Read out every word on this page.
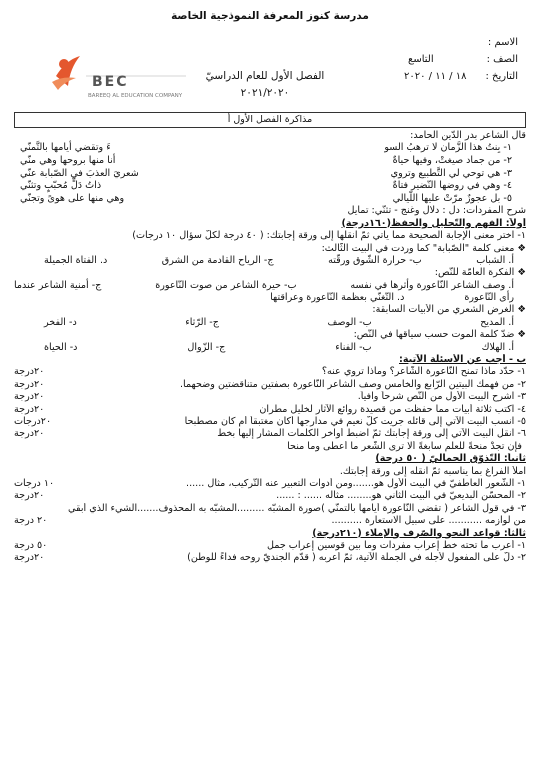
مدرسة كنوز المعرفة النموذجية الخاصة
الاسم :
الصف :
التاسع
التاريخ :
١٨ / ١١ / ٢٠٢٠
الفصل الأول للعام الدراسيّ
٢٠٢١/٢٠٢٠
BEC
BAREEQ AL EDUCATION COMPANY
مذاكرة الفصل الأول أ
قال الشاعر بدر الدّين الحامد:
١- بِنتُ هذا الزَّمان لا ترهبُ السو
ءَ وتقضي أيامها بالتَّمنّي
٢- من جماد صيغتْ، وفيها حياةٌ
أنا منها بروحها وهي منّي
٣- هي توحي لي التَّطبيع وتروي
شعريَ العذبَ في الصّبابة عنّي
٤- وهي في روضها النّضير فتاةٌ
ذاتُ دَلٍّ مُحبّبٍ وتثنّي
٥- بل عجوزٌ مرّتْ عليها اللّيالي
وهي منها على هوىً وتجنّي
شرح المفردات: دل : دلال وغنج - تثنّي: تمايل
أولاً: الفهم والتّحليل والحفظ(١٦٠درجة)
١- اختر معنى الإجابة الصحيحة مما يأتي ثمّ انقلها إلى ورقة إجابتك: ( ٤٠ درجة لكلّ سؤال ١٠ درجات)
❖ معنى كلمة "الصّبابة" كما وردت في البيت الثّالث:
أ. الشباب
ب- حرارة الشّوق ورقّته
ج- الرياح القادمة من الشرق
د. الفتاة الجميلة
❖ الفكرة العامّة للنّص:
أ. وصف الشاعر النّاعورة وأثرها في نفسه
ب- حيرة الشاعر من صوت النّاعورة
ج- أمنية الشاعر عندما
رأى النّاعورة
د. التّغنّي بعظمة النّاعورة وعراقتها
❖ الغرض الشعري من الأبيات السابقة:
أ. المديح
ب- الوصف
ج- الرّثاء
د- الفخر
❖ ضدّ كلمة الموت حسب سياقها في النّص:
أ. الهلاك
ب- الفناء
ج- الزّوال
د- الحياة
ب - أجب عن الأسئلة الآتية:
١- حدّد ماذا تمنح النّاعورة الشّاعر؟ وماذا تروي عنه؟
٢٠درجة
٢- من فهمك البيتين الرّابع والخامس وصف الشاعر النّاعورة بصفتين متناقضتين وضحهما.
٢٠درجة
٣- اشرح البيت الأول من النّص شرحاً وافياً.
٢٠درجة
٤- اكتب ثلاثة أبيات مما حفظت من قصيدة روائع الآثار لخليل مطران
٢٠درجة
٥- انسب البيت الآتي إلى قائله جريت كلّ نعيم في مدارجها أكان مغتبقاً أم كان مصطبحا
٢٠درجات
٦- انقل البيت الآتي إلى ورقة إجابتك ثمّ اضبط أواخر الكلمات المشار إليها بخطّ
٢٠درجة
فإن تجدْ منحةً للعلم سابغةً ألا ترى الشّعر ما أعطى وما منحا
ثانياً: التّذوّق الجماليّ ( ٥٠ درجة)
املأ الفراغ بما يناسبه ثمّ انقله إلى ورقة إجابتك.
١- الشّعور العاطفيّ في البيت الأول هو.......ومن أدوات التعبير عنه التّركيب، مثال ......
١٠ درجات
٢- المحسّن البديعيّ في البيت الثاني هو........ مثاله ...... : ......
٢٠درجة
٣- في قول الشاعر ( تقضي النّاعورة أيامها بالتمنّي )صورة المشبّه .........المشبّه به المحذوف.......الشيء الذي أبقي
من لوازمه ........... على سبيل الاستعارة ..........
٢٠ درجة
ثالثاً: قواعد النحو والصّرف والإملاء (٢١٠درجة)
١- أعرب ما تحته خطّ إعراب مفردات وما بين قوسين إعراب جمل
٥٠ درجة
٢- دلّ على المفعول لأجله في الجملة الآتية، ثمّ أعربه ( قدّم الجنديّ روحه فداءً للوطن)
٢٠درجة
